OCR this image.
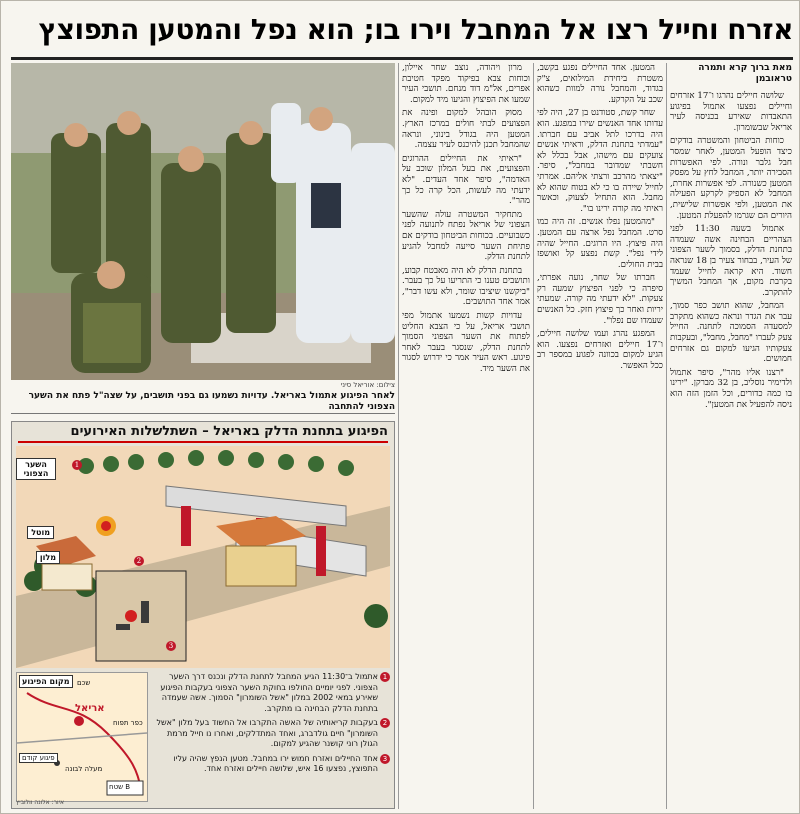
אזרח וחייל רצו אל המחבל וירו בו; הוא נפל והמטען התפוצץ
צילום: אוריאל סיני
לאחר הפיגוע אתמול באריאל. עדויות נשמעו גם בפני תושבים, על שצה"ל פתח את השער הצפוני להתחבה
הפיגוע בתחנת הדלק באריאל – השתלשלות האירועים
השער הצפוני
מוטל
מלון
1
2
3
1
אתמול ב־11:30 הגיע המחבל לתחנת הדלק ונכנס דרך השער הצפוני. לפני יומיים החולפו בחוקת השער הצפוני בעקבות הפיגוע שאירע במאי 2002 במלון "אשל השומרון" הסמוך. אשה שעמדה בתחנת הדלק הבחינה בו מתקרב.
2
בעקבות קריאותיה של האשה התקרבו אל החשוד בעל מלון "אשל השומרון" חיים גולדברג, ואחד המתדלקים, ואחרו נו חייל מרמת הגולן רוני קושנר שהגיע למקום.
3
אחד החיילים ואזרח חמוש ירו במחבל. מטען הנפץ שהיה עליו התפוצץ, נפצעו 16 איש, שלושה חיילים ואזרח אחד.
מקום הפיגוע
אריאל
מעלה לבונה
שכם
כפר תפוח
פיגוע קודם
שטח B
איור: אלונה וולוביץ
מאת ברוך קרא ותמרה טראובמן

שלושה חיילים נהרגו ו־17 אזרחים וחיילים נפצעו אתמול בפיגוע התאבדות שאירע בכניסה לעיר אריאל שבשומרון.

כוחות הביטחון והמשטרה בודקים כיצד הופעל המטען, לאחר שמסר חבל גלבר ונורה. לפי האפשרות הסבירה יותר, המחבל לחץ על מפסק המטען כשנורה. לפי אפשרות אחרת, המחבל לא הספיק לקרקע הפעילה את המטען, ולפי אפשרות שלישית, היורים הם שגרמו להפעלת המטען.

אתמול בשעה 11:30 לפני הצהריים הבחינה אשה שעמדה בתחנת הדלק, בסמוך לשער הצפוני של העיר, בבחור צעיר בן 18 שנראה חשוד. היא קראה לחייל שעמד בקרבת מקום, אך המחבל המשיך להתקרב.

המחבל, שהוא תושב כפר סמוך, עבר את הגדר ונראה כשהוא מתקרב למסעדה הסמוכה לתחנה. החייל צעק לעברו "מחבל, מחבל", ובעקבות צעקותיו הגיעו למקום גם אזרחים חמושים.

"רצנו אליו מהר", סיפר אתמול ולדימיר נוסליב, בן 32 מברקן. "ירינו בו כמה כדורים, וכל הזמן הזה הוא ניסה להפעיל את המטען".

המטען. אחד החיילים נפגע בקשב, משטרת ביחידת המילואים, צ"ק בגדוד, והמחבל נורה למוות כשהוא שכב על הקרקע.

שחר קשת, סטודנט בן 27, היה לפי עדותו אחד האנשים שירו במפגע. הוא היה בדרכו לתל אביב עם חברתו. "עמדתי בתחנת הדלק, וראיתי אנשים צועקים עם מישהו, אבל בכלל לא חשבתי שמדובר במחבל", סיפר. "יצאתי מהרכב ורצתי אליהם. אמרתי לחייל שיירה בו כי לא בטוח שהוא לא מחבל. הוא התחיל לצעוק, וכאשר ראיתי מה קורה ירינו בו".

"מהמטען נפלו אנשים. זה היה כמו סרט. המחבל נפל ארצה עם המטען. היה פיצוץ. היו הרוגים. החייל שהיה לידי נפל". קשת נפצע קל ואושפז בבית החולים.

חברתו של שחר, נועה אפרתי, סיפרה כי לפני הפיצוץ שמעה רק צעקות. "לא ידעתי מה קורה. שמעתי יריות ואחר כך פיצוץ חזק. כל האנשים שעמדו שם נפלו".

המפגע נהרג ועמו שלושה חיילים, ו־17 חיילים ואזרחים נפצעו. הוא הגיע למקום בכוונה לפגוע במספר רב ככל האפשר.

מרון ויהודה, נוצב שחר איילון, וכוחות צבא בפיקוד מפקד חטיבת אפרים, אל"מ דוד מנחם. תושבי העיר שמעו את הפיצוץ והגיעו מיד למקום.

מסוק הובהל למקום ופינה את הפצועים לבתי חולים במרכז הארץ. המטען היה בגודל בינוני, ונראה שהמחבל תכנן להיכנס לעיר עצמה.

"ראיתי את החיילים ההרוגים והפצועים, את בעל המלון שוכב על האדמה", סיפר אחד העדים. "לא ידעתי מה לעשות, הכל קרה כל כך מהר".

מתחקיר המשטרה עולה שהשער הצפוני של אריאל נפתח לתנועה לפני כשבועיים. בכוחות הביטחון בודקים אם פתיחת השער סייעה למחבל להגיע לתחנת הדלק.

בתחנת הדלק לא היה מאבטח קבוע, ותושבים טענו כי התריעו על כך בעבר. "ביקשנו שיציבו שומר, ולא עשו דבר", אמר אחד התושבים.

עדויות קשות נשמעו אתמול מפי תושבי אריאל, על כי הצבא החליט לפתוח את השער הצפוני הסמוך לתחנת הדלק, שנסגר בעבר לאחר פיגוע. ראש העיר אמר כי ידרוש לסגור את השער מיד.
